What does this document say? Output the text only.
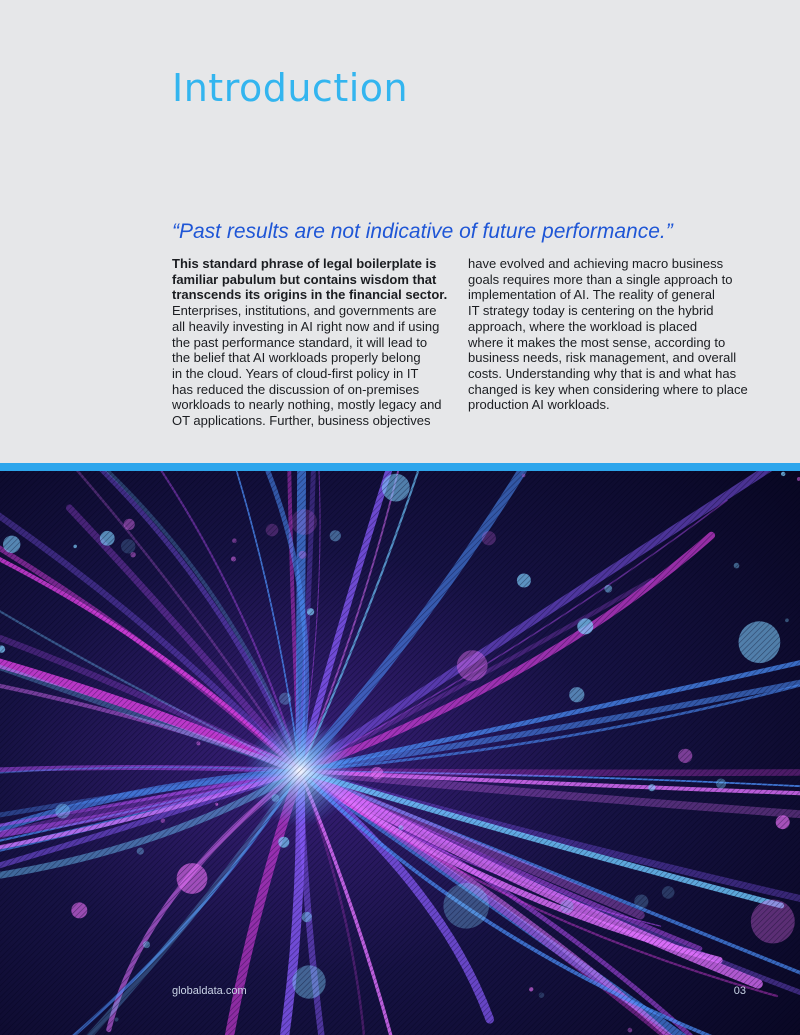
Introduction

“Past results are not indicative of future performance.”

This standard phrase of legal boilerplate is
familiar pabulum but contains wisdom that
transcends its origins in the financial sector.
Enterprises, institutions, and governments are
all heavily investing in AI right now and if using
the past performance standard, it will lead to
the belief that AI workloads properly belong
in the cloud. Years of cloud-first policy in IT
has reduced the discussion of on-premises
workloads to nearly nothing, mostly legacy and
OT applications. Further, business objectives
have evolved and achieving macro business
goals requires more than a single approach to
implementation of AI. The reality of general
IT strategy today is centering on the hybrid
approach, where the workload is placed
where it makes the most sense, according to
business needs, risk management, and overall
costs. Understanding why that is and what has
changed is key when considering where to place
production AI workloads.
globaldata.com	03
